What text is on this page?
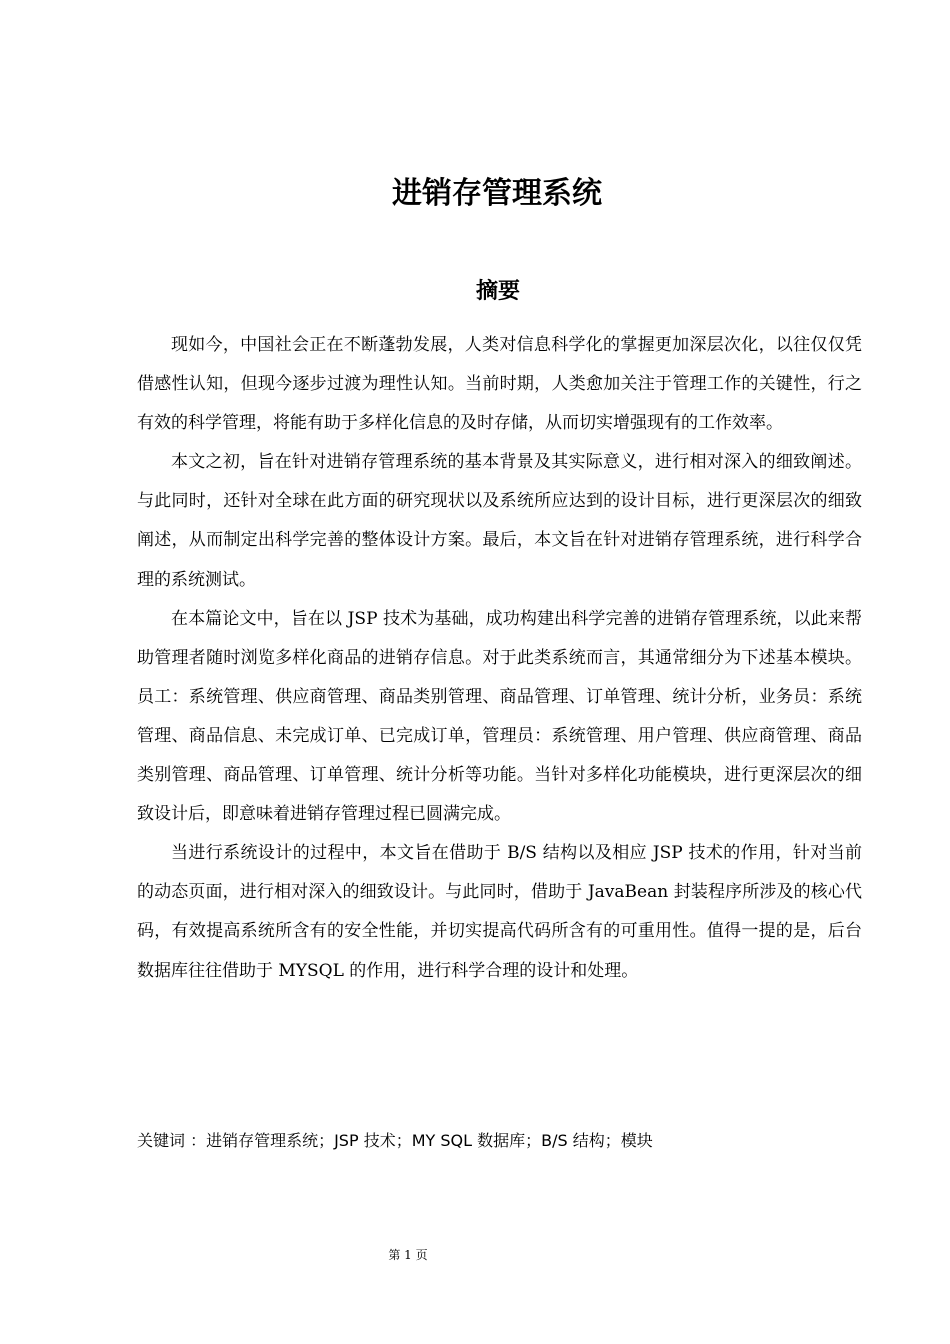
进销存管理系统
摘要

现如今，中国社会正在不断蓬勃发展，人类对信息科学化的掌握更加深层次化，以往仅仅凭借感性认知，但现今逐步过渡为理性认知。当前时期，人类愈加关注于管理工作的关键性，行之有效的科学管理，将能有助于多样化信息的及时存储，从而切实增强现有的工作效率。

本文之初，旨在针对进销存管理系统的基本背景及其实际意义，进行相对深入的细致阐述。与此同时，还针对全球在此方面的研究现状以及系统所应达到的设计目标，进行更深层次的细致阐述，从而制定出科学完善的整体设计方案。最后，本文旨在针对进销存管理系统，进行科学合理的系统测试。

在本篇论文中，旨在以 JSP 技术为基础，成功构建出科学完善的进销存管理系统，以此来帮助管理者随时浏览多样化商品的进销存信息。对于此类系统而言，其通常细分为下述基本模块。员工：系统管理、供应商管理、商品类别管理、商品管理、订单管理、统计分析，业务员：系统管理、商品信息、未完成订单、已完成订单，管理员：系统管理、用户管理、供应商管理、商品类别管理、商品管理、订单管理、统计分析等功能。当针对多样化功能模块，进行更深层次的细致设计后，即意味着进销存管理过程已圆满完成。

当进行系统设计的过程中，本文旨在借助于 B/S 结构以及相应 JSP 技术的作用，针对当前的动态页面，进行相对深入的细致设计。与此同时，借助于 JavaBean 封装程序所涉及的核心代码，有效提高系统所含有的安全性能，并切实提高代码所含有的可重用性。值得一提的是，后台数据库往往借助于 MYSQL 的作用，进行科学合理的设计和处理。

关键词 ：进销存管理系统；JSP 技术；MY SQL 数据库；B/S 结构；模块
第 1 页
